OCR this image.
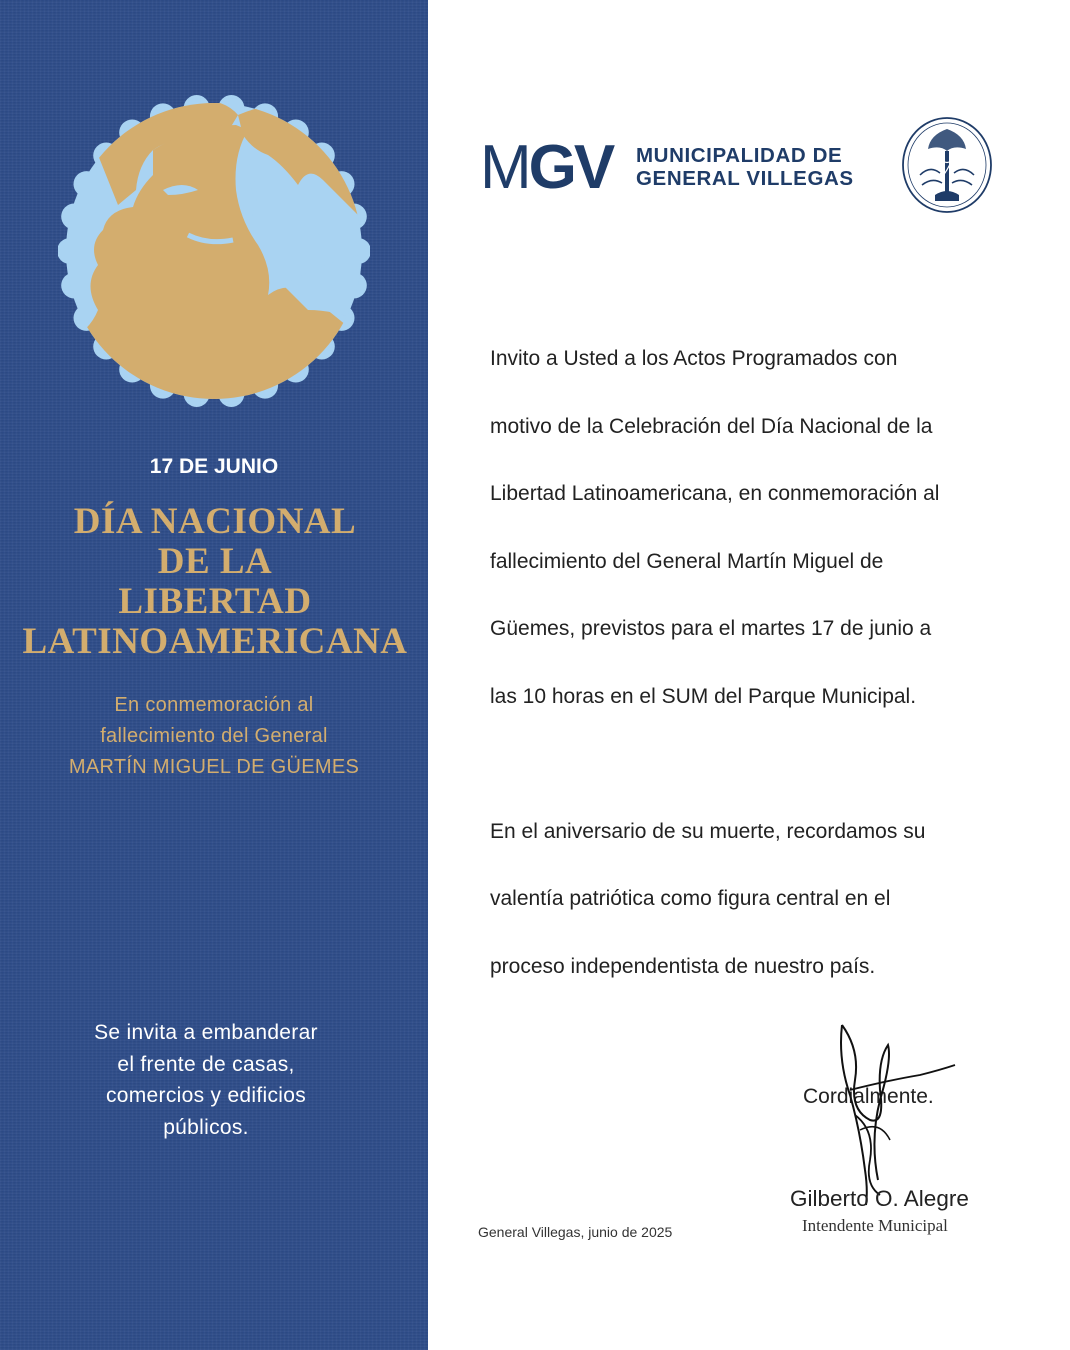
17 DE JUNIO
DÍA NACIONAL
DE LA
LIBERTAD
LATINOAMERICANA
En conmemoración al
fallecimiento del General
MARTÍN MIGUEL DE GÜEMES
Se invita a embanderar
el frente de casas,
comercios y edificios
públicos.
MGV MUNICIPALIDAD DE
GENERAL VILLEGAS
Invito a Usted a los Actos Programados con
motivo de la Celebración del Día Nacional de la
Libertad Latinoamericana, en conmemoración al
fallecimiento del General Martín Miguel de
Güemes, previstos para el martes 17 de junio a
las 10 horas en el SUM del Parque Municipal.
En el aniversario de su muerte, recordamos su
valentía patriótica como figura central en el
proceso independentista de nuestro país.
Cordialmente.
Gilberto O. Alegre
Intendente Municipal
General Villegas, junio de 2025
